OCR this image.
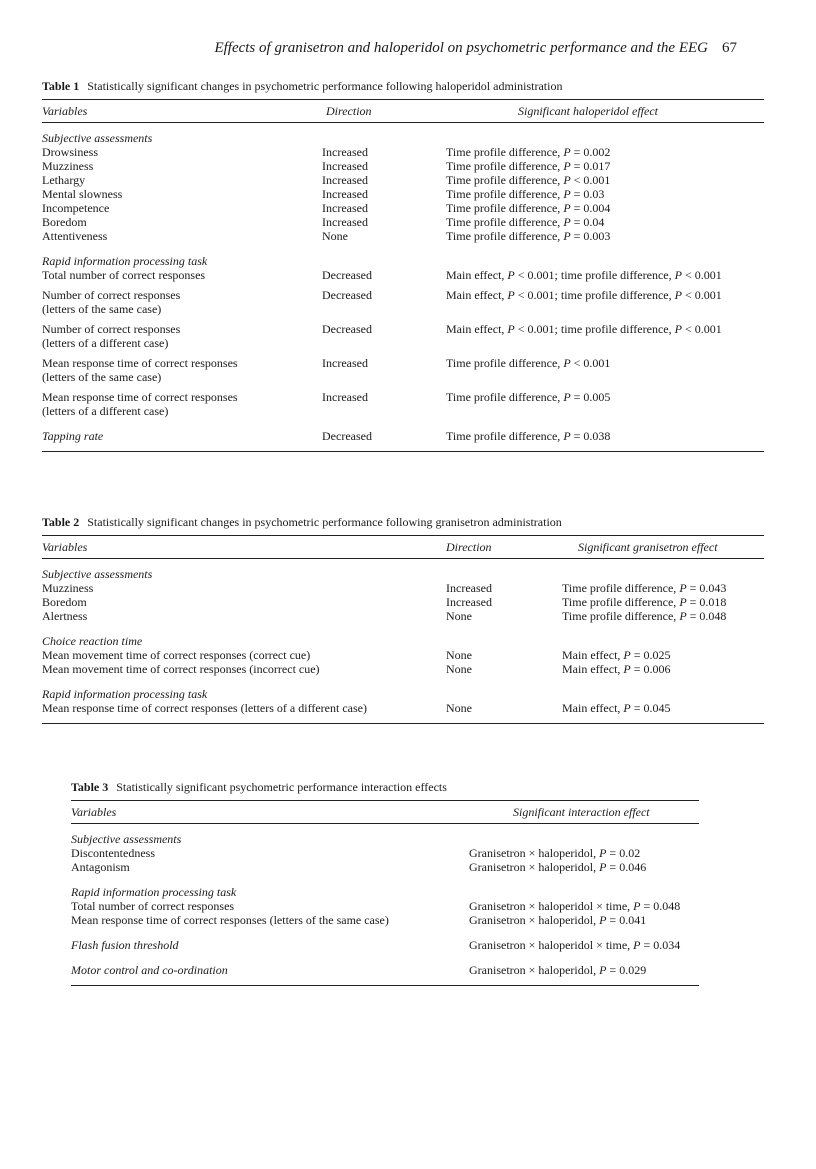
Effects of granisetron and haloperidol on psychometric performance and the EEG 67
Table 1 Statistically significant changes in psychometric performance following haloperidol administration
Variables	Direction	Significant haloperidol effect
Subjective assessments
Drowsiness	Increased	Time profile difference, P = 0.002
Muzziness	Increased	Time profile difference, P = 0.017
Lethargy	Increased	Time profile difference, P < 0.001
Mental slowness	Increased	Time profile difference, P = 0.03
Incompetence	Increased	Time profile difference, P = 0.004
Boredom	Increased	Time profile difference, P = 0.04
Attentiveness	None	Time profile difference, P = 0.003
Rapid information processing task
Total number of correct responses	Decreased	Main effect, P < 0.001; time profile difference, P < 0.001
Number of correct responses
(letters of the same case)
Decreased	Main effect, P < 0.001; time profile difference, P < 0.001
Number of correct responses
(letters of a different case)
Decreased	Main effect, P < 0.001; time profile difference, P < 0.001
Mean response time of correct responses
(letters of the same case)
Increased	Time profile difference, P < 0.001
Mean response time of correct responses
(letters of a different case)
Increased	Time profile difference, P = 0.005
Tapping rate	Decreased	Time profile difference, P = 0.038
Table 2 Statistically significant changes in psychometric performance following granisetron administration
Variables	Direction	Significant granisetron effect
Subjective assessments
Muzziness	Increased	Time profile difference, P = 0.043
Boredom	Increased	Time profile difference, P = 0.018
Alertness	None	Time profile difference, P = 0.048
Choice reaction time
Mean movement time of correct responses (correct cue)	None	Main effect, P = 0.025
Mean movement time of correct responses (incorrect cue)	None	Main effect, P = 0.006
Rapid information processing task
Mean response time of correct responses (letters of a different case)	None	Main effect, P = 0.045
Table 3 Statistically significant psychometric performance interaction effects
Variables	Significant interaction effect
Subjective assessments
Discontentedness	Granisetron × haloperidol, P = 0.02
Antagonism	Granisetron × haloperidol, P = 0.046
Rapid information processing task
Total number of correct responses	Granisetron × haloperidol × time, P = 0.048
Mean response time of correct responses (letters of the same case)	Granisetron × haloperidol, P = 0.041
Flash fusion threshold	Granisetron × haloperidol × time, P = 0.034
Motor control and co-ordination	Granisetron × haloperidol, P = 0.029
